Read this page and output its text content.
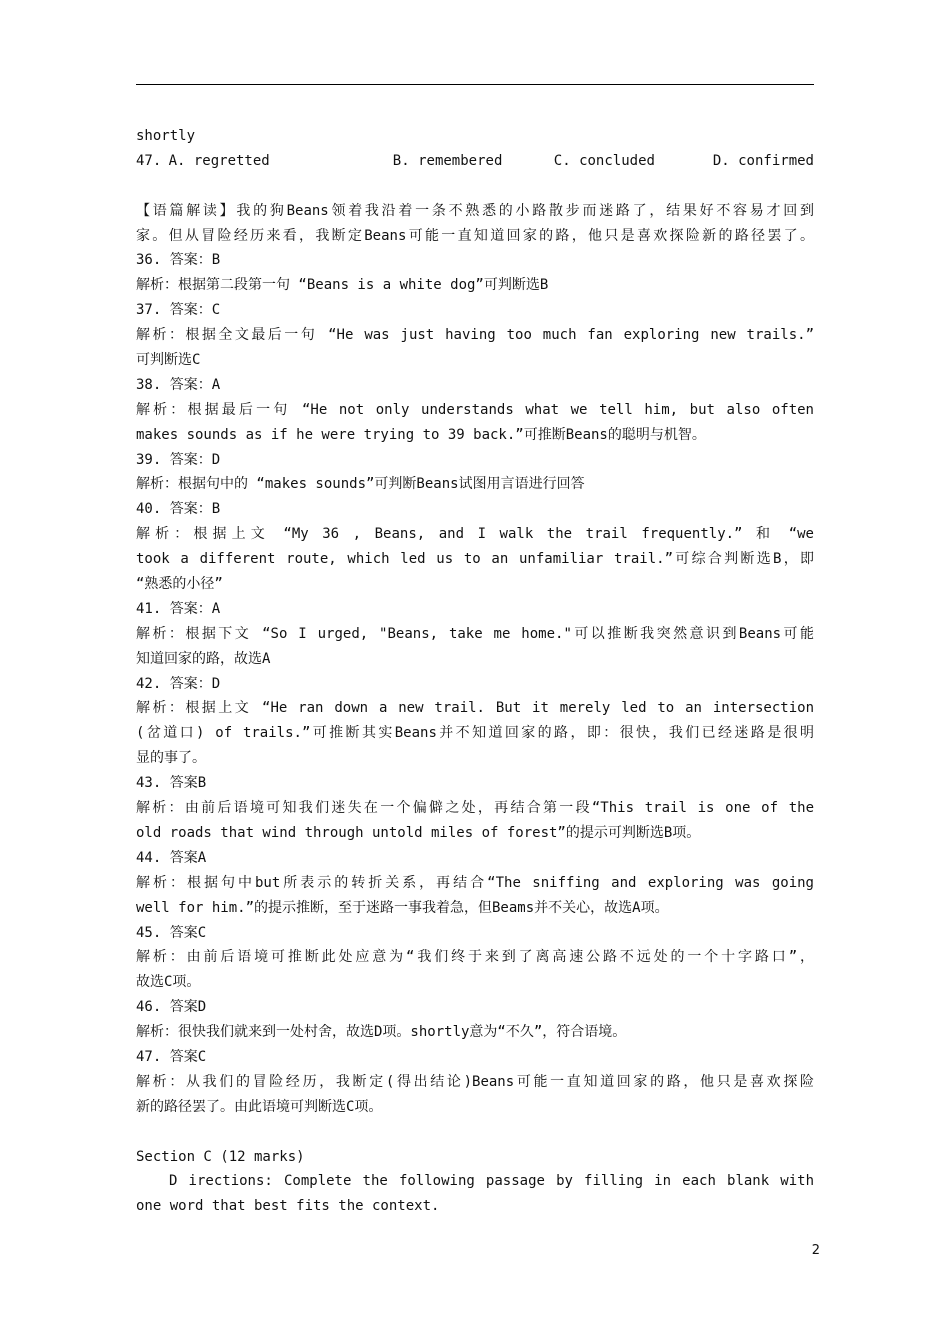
shortly
47. A. regretted	B. remembered	C. concluded	D. confirmed
【语篇解读】我的狗Beans领着我沿着一条不熟悉的小路散步而迷路了，结果好不容易才回到
家。但从冒险经历来看，我断定Beans可能一直知道回家的路，他只是喜欢探险新的路径罢了。
36. 答案：B
解析：根据第二段第一句 “Beans is a white dog”可判断选B
37. 答案：C
解析：根据全文最后一句 “He was just having too much fan exploring new trails.”
可判断选C
38. 答案：A
解析：根据最后一句 “He not only understands what we tell him, but also often
makes sounds as if he were trying to 39 back.”可推断Beans的聪明与机智。
39. 答案：D
解析：根据句中的 “makes sounds”可判断Beans试图用言语进行回答
40. 答案：B
解析：根据上文 “My 36 , Beans, and I walk the trail frequently.” 和 “we
took a different route, which led us to an unfamiliar trail.”可综合判断选B，即
“熟悉的小径”
41. 答案：A
解析：根据下文 “So I urged, "Beans, take me home."可以推断我突然意识到Beans可能
知道回家的路，故选A
42. 答案：D
解析：根据上文 “He ran down a new trail. But it merely led to an intersection
(岔道口) of trails.”可推断其实Beans并不知道回家的路，即：很快，我们已经迷路是很明
显的事了。
43. 答案B
解析：由前后语境可知我们迷失在一个偏僻之处，再结合第一段“This trail is one of the
old roads that wind through untold miles of forest”的提示可判断选B项。
44. 答案A
解析：根据句中but所表示的转折关系，再结合“The sniffing and exploring was going
well for him.”的提示推断，至于迷路一事我着急，但Beams并不关心，故选A项。
45. 答案C
解析：由前后语境可推断此处应意为“我们终于来到了离高速公路不远处的一个十字路口”，
故选C项。
46. 答案D
解析：很快我们就来到一处村舍，故选D项。shortly意为“不久”，符合语境。
47. 答案C
解析：从我们的冒险经历，我断定(得出结论)Beans可能一直知道回家的路，他只是喜欢探险
新的路径罢了。由此语境可判断选C项。
Section C (12 marks)
D irections: Complete the following passage by filling in each blank with
one word that best fits the context.
2
